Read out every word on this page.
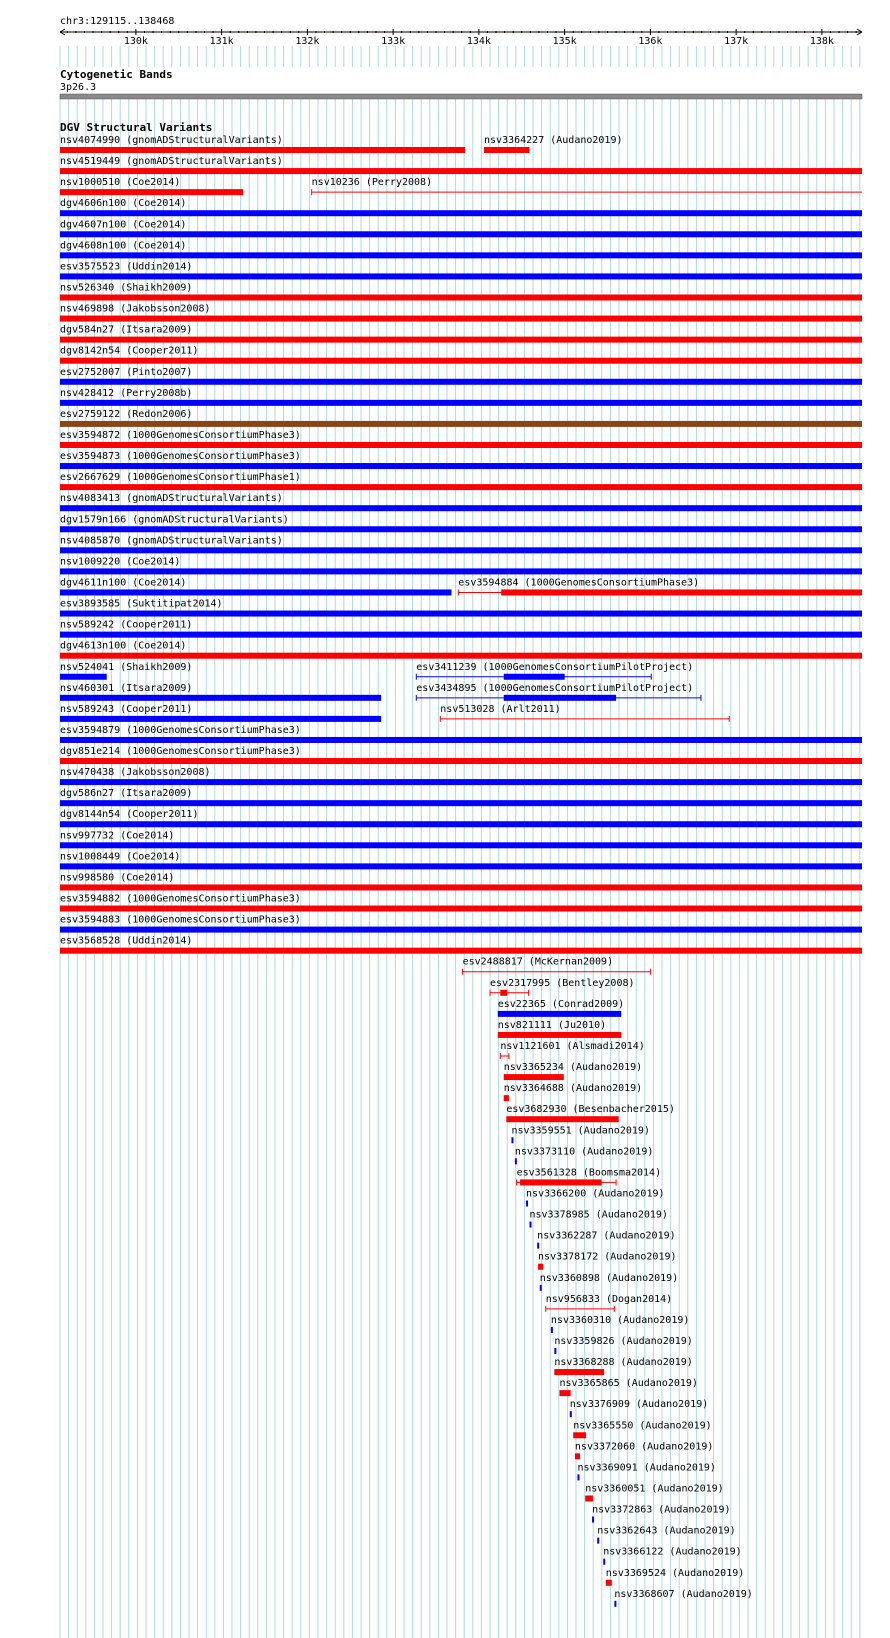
chr3:129115..138468
130k	131k	132k	133k	134k	135k	136k	137k	138k
Cytogenetic Bands
3p26.3
DGV Structural Variants
nsv4074990 (gnomADStructuralVariants)	nsv3364227 (Audano2019)
nsv4519449 (gnomADStructuralVariants)
nsv1000510 (Coe2014)	nsv10236 (Perry2008)
dgv4606n100 (Coe2014)
dgv4607n100 (Coe2014)
dgv4608n100 (Coe2014)
esv3575523 (Uddin2014)
nsv526340 (Shaikh2009)
nsv469898 (Jakobsson2008)
dgv584n27 (Itsara2009)
dgv8142n54 (Cooper2011)
esv2752007 (Pinto2007)
nsv428412 (Perry2008b)
esv2759122 (Redon2006)
esv3594872 (1000GenomesConsortiumPhase3)
esv3594873 (1000GenomesConsortiumPhase3)
esv2667629 (1000GenomesConsortiumPhase1)
nsv4083413 (gnomADStructuralVariants)
dgv1579n166 (gnomADStructuralVariants)
nsv4085870 (gnomADStructuralVariants)
nsv1009220 (Coe2014)
dgv4611n100 (Coe2014)	esv3594884 (1000GenomesConsortiumPhase3)
esv3893585 (Suktitipat2014)
nsv589242 (Cooper2011)
dgv4613n100 (Coe2014)
nsv524041 (Shaikh2009)	esv3411239 (1000GenomesConsortiumPilotProject)
nsv460301 (Itsara2009)	esv3434895 (1000GenomesConsortiumPilotProject)
nsv589243 (Cooper2011)	nsv513028 (Arlt2011)
esv3594879 (1000GenomesConsortiumPhase3)
dgv851e214 (1000GenomesConsortiumPhase3)
nsv470438 (Jakobsson2008)
dgv586n27 (Itsara2009)
dgv8144n54 (Cooper2011)
nsv997732 (Coe2014)
nsv1008449 (Coe2014)
nsv998580 (Coe2014)
esv3594882 (1000GenomesConsortiumPhase3)
esv3594883 (1000GenomesConsortiumPhase3)
esv3568528 (Uddin2014)
esv2488817 (McKernan2009)
esv2317995 (Bentley2008)
esv22365 (Conrad2009)
nsv821111 (Ju2010)
nsv1121601 (Alsmadi2014)
nsv3365234 (Audano2019)
nsv3364688 (Audano2019)
esv3682930 (Besenbacher2015)
nsv3359551 (Audano2019)
nsv3373110 (Audano2019)
esv3561328 (Boomsma2014)
nsv3366200 (Audano2019)
nsv3378985 (Audano2019)
nsv3362287 (Audano2019)
nsv3378172 (Audano2019)
nsv3360898 (Audano2019)
nsv956833 (Dogan2014)
nsv3360310 (Audano2019)
nsv3359826 (Audano2019)
nsv3368288 (Audano2019)
nsv3365865 (Audano2019)
nsv3376909 (Audano2019)
nsv3365550 (Audano2019)
nsv3372060 (Audano2019)
nsv3369091 (Audano2019)
nsv3360051 (Audano2019)
nsv3372863 (Audano2019)
nsv3362643 (Audano2019)
nsv3366122 (Audano2019)
nsv3369524 (Audano2019)
nsv3368607 (Audano2019)
